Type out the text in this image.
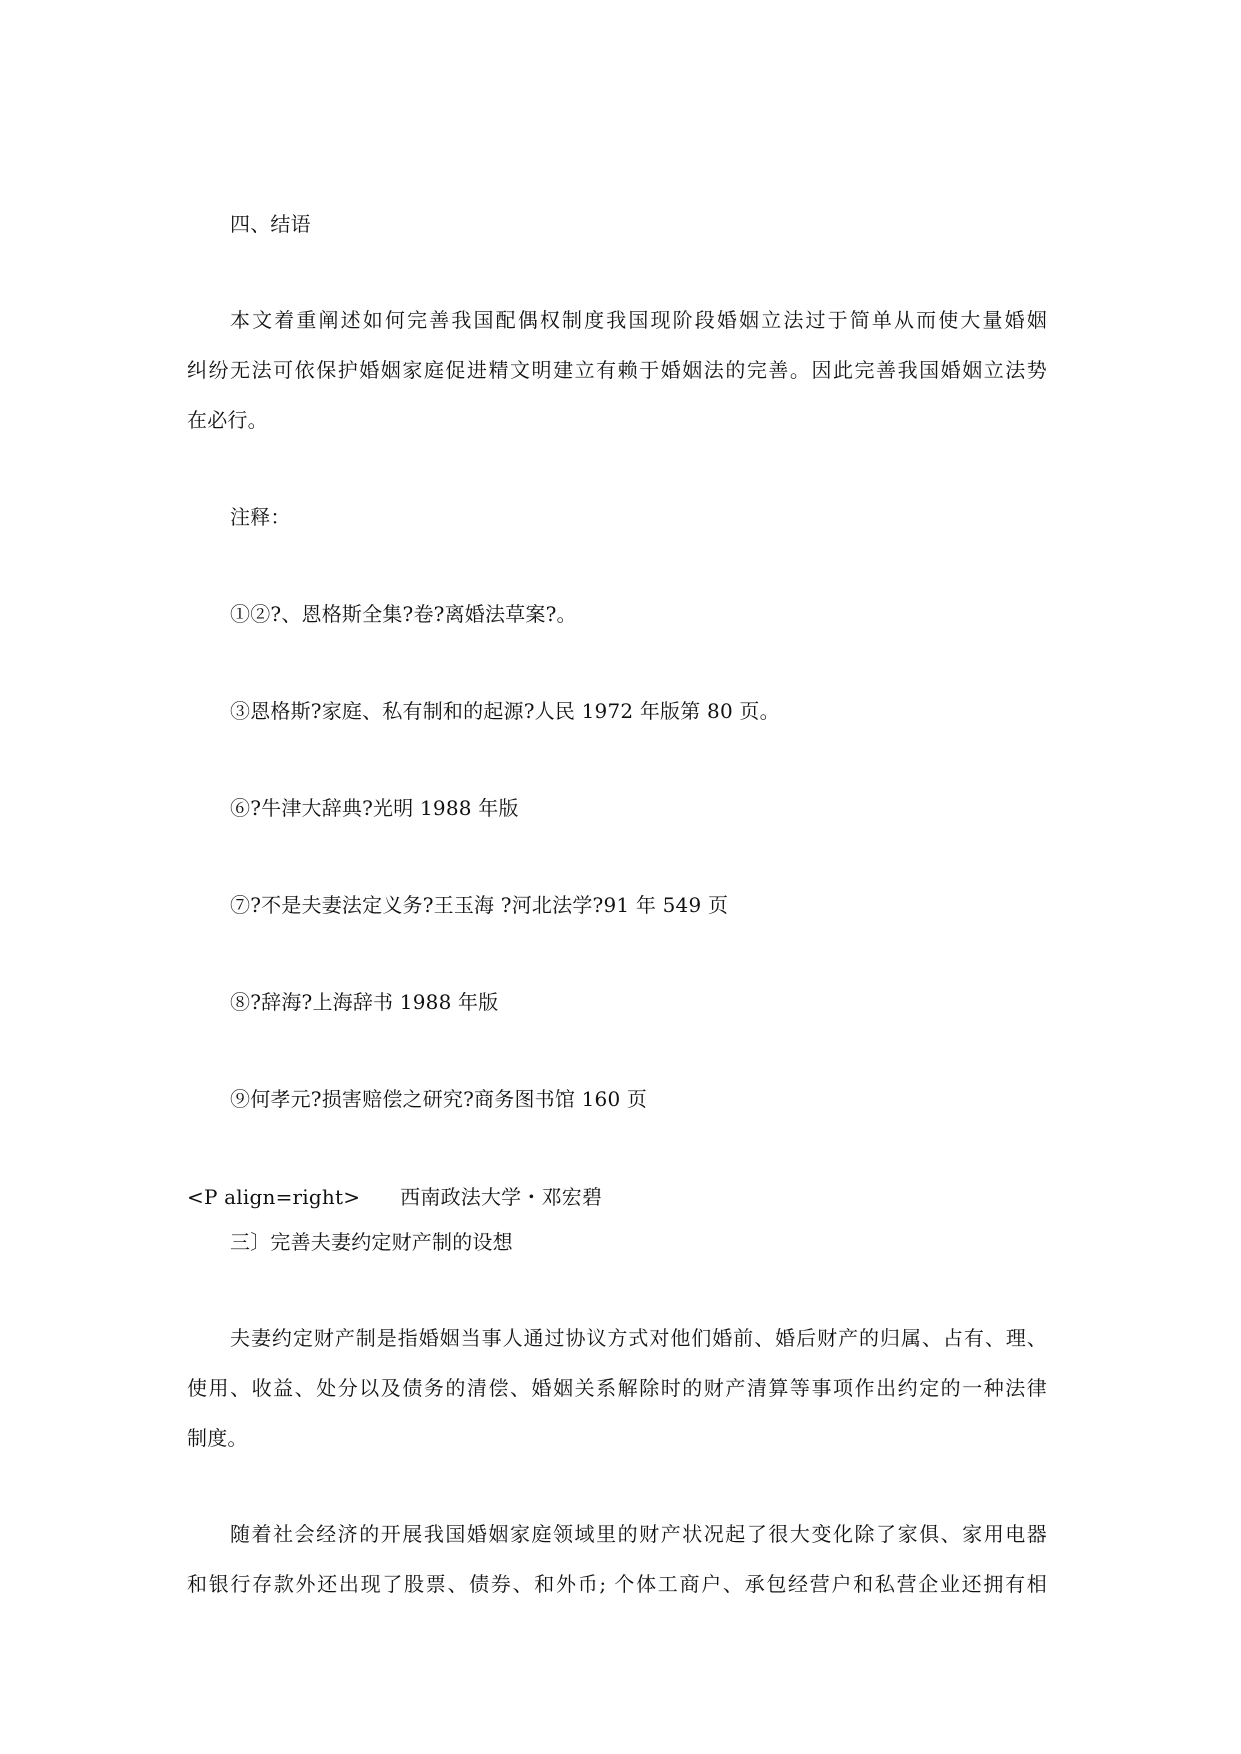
四、结语

本文着重阐述如何完善我国配偶权制度我国现阶段婚姻立法过于简单从而使大量婚姻

纠纷无法可依保护婚姻家庭促进精文明建立有赖于婚姻法的完善。因此完善我国婚姻立法势

在必行。

注释：

①②?、恩格斯全集?卷?离婚法草案?。

③恩格斯?家庭、私有制和的起源?人民 1972 年版第 80 页。

⑥?牛津大辞典?光明 1988 年版

⑦?不是夫妻法定义务?王玉海 ?河北法学?91 年 549 页

⑧?辞海?上海辞书 1988 年版

⑨何孝元?损害赔偿之研究?商务图书馆 160 页

<P align=right> 西南政法大学・邓宏碧

三〕完善夫妻约定财产制的设想

夫妻约定财产制是指婚姻当事人通过协议方式对他们婚前、婚后财产的归属、占有、理、

使用、收益、处分以及债务的清偿、婚姻关系解除时的财产清算等事项作出约定的一种法律

制度。

随着社会经济的开展我国婚姻家庭领域里的财产状况起了很大变化除了家俱、家用电器

和银行存款外还出现了股票、债券、和外币; 个体工商户、承包经营户和私营企业还拥有相
